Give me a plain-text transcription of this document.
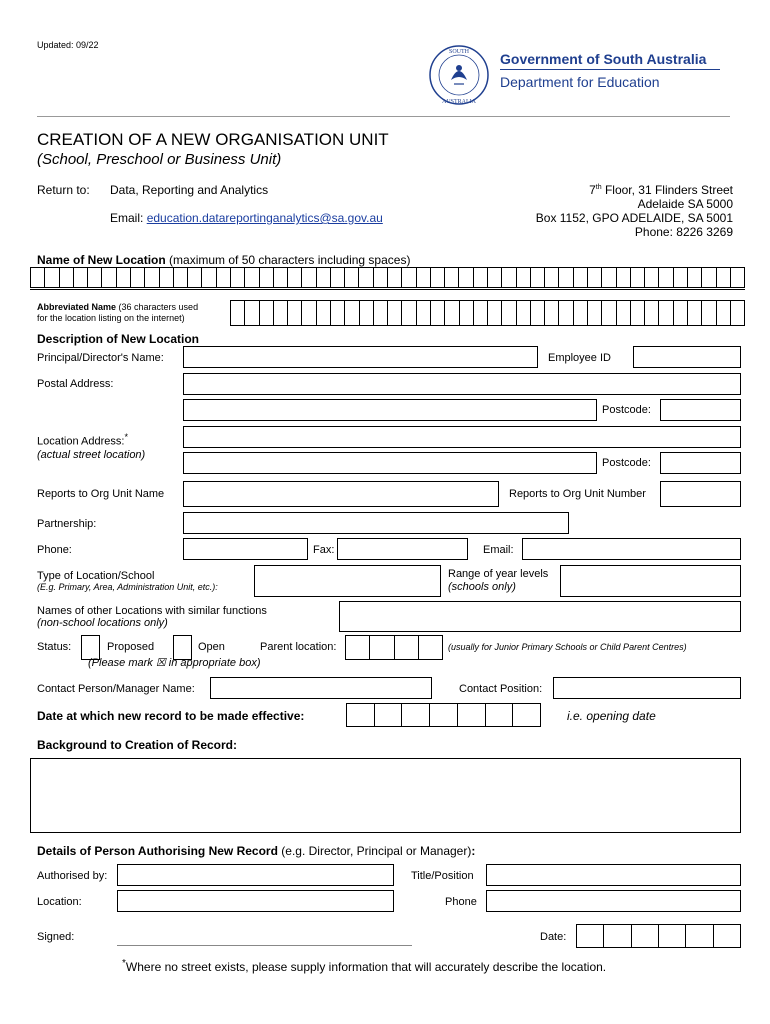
Updated: 09/22
SOUTH
AUSTRALIA
Government of South Australia
Department for Education
CREATION OF A NEW ORGANISATION UNIT
(School, Preschool or Business Unit)
Return to: Data, Reporting and Analytics
Email: education.datareportinganalytics@sa.gov.au
7th Floor, 31 Flinders Street
Adelaide SA 5000
Box 1152, GPO ADELAIDE, SA 5001
Phone: 8226 3269
Name of New Location (maximum of 50 characters including spaces)
Abbreviated Name (36 characters used
for the location listing on the internet)
Description of New Location
Principal/Director's Name:	Employee ID
Postal Address:
Postcode:
Location Address:*
(actual street location)
Postcode:
Reports to Org Unit Name	Reports to Org Unit Number
Partnership:
Phone:	Fax:	Email:
Type of Location/School
(E.g. Primary, Area, Administration Unit, etc.):
Range of year levels
(schools only)
Names of other Locations with similar functions
(non-school locations only)
Status:	Proposed	Open	Parent location:	(usually for Junior Primary Schools or Child Parent Centres)
(Please mark ☒ in appropriate box)
Contact Person/Manager Name:	Contact Position:
Date at which new record to be made effective:	i.e. opening date
Background to Creation of Record:
Details of Person Authorising New Record (e.g. Director, Principal or Manager):
Authorised by:	Title/Position
Location:	Phone
Signed:	Date:
*Where no street exists, please supply information that will accurately describe the location.
